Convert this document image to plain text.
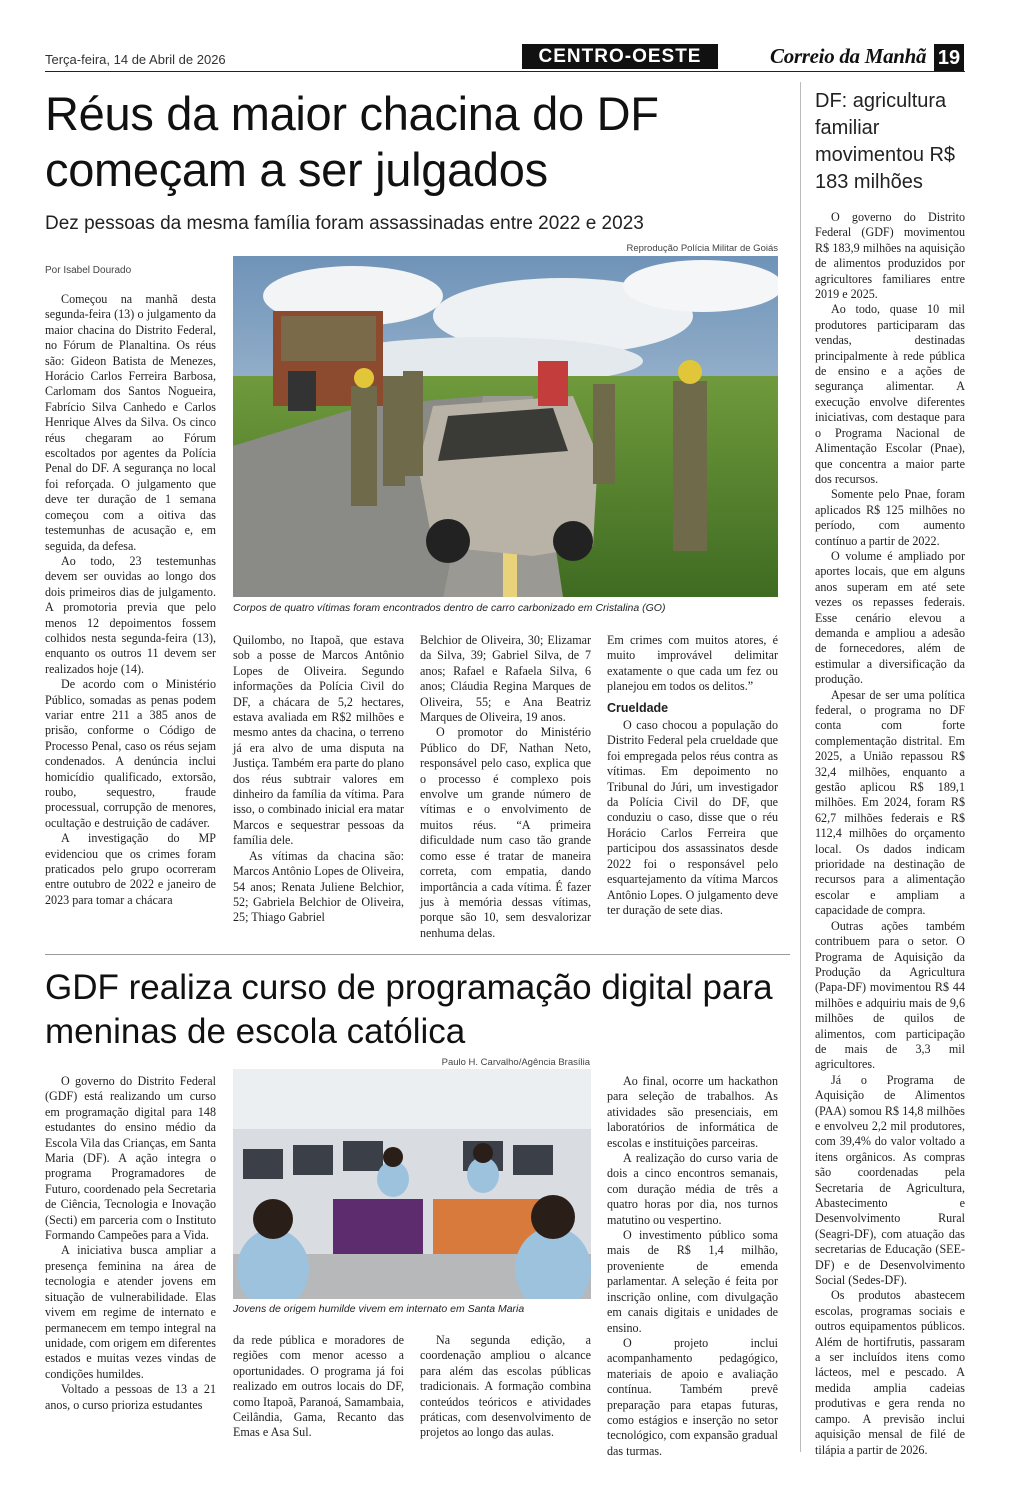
Terça-feira, 14 de Abril de 2026	CENTRO-OESTE	Correio da Manhã 19
Réus da maior chacina do DF começam a ser julgados
Dez pessoas da mesma família foram assassinadas entre 2022 e 2023
Reprodução Polícia Militar de Goiás
Por Isabel Dourado
Corpos de quatro vítimas foram encontrados dentro de carro carbonizado em Cristalina (GO)

Começou na manhã desta segunda-feira (13) o julgamento da maior chacina do Distrito Federal, no Fórum de Planaltina. Os réus são: Gideon Batista de Menezes, Horácio Carlos Ferreira Barbosa, Carlomam dos Santos Nogueira, Fabrício Silva Canhedo e Carlos Henrique Alves da Silva. Os cinco réus chegaram ao Fórum escoltados por agentes da Polícia Penal do DF. A segurança no local foi reforçada. O julgamento que deve ter duração de 1 semana começou com a oitiva das testemunhas de acusação e, em seguida, da defesa.

Ao todo, 23 testemunhas devem ser ouvidas ao longo dos dois primeiros dias de julgamento. A promotoria previa que pelo menos 12 depoimentos fossem colhidos nesta segunda-feira (13), enquanto os outros 11 devem ser realizados hoje (14).

De acordo com o Ministério Público, somadas as penas podem variar entre 211 a 385 anos de prisão, conforme o Código de Processo Penal, caso os réus sejam condenados. A denúncia inclui homicídio qualificado, extorsão, roubo, sequestro, fraude processual, corrupção de menores, ocultação e destruição de cadáver.

A investigação do MP evidenciou que os crimes foram praticados pelo grupo ocorreram entre outubro de 2022 e janeiro de 2023 para tomar a chácara

Quilombo, no Itapoã, que estava sob a posse de Marcos Antônio Lopes de Oliveira. Segundo informações da Polícia Civil do DF, a chácara de 5,2 hectares, estava avaliada em R$2 milhões e mesmo antes da chacina, o terreno já era alvo de uma disputa na Justiça. Também era parte do plano dos réus subtrair valores em dinheiro da família da vítima. Para isso, o combinado inicial era matar Marcos e sequestrar pessoas da família dele.

As vítimas da chacina são: Marcos Antônio Lopes de Oliveira, 54 anos; Renata Juliene Belchior, 52; Gabriela Belchior de Oliveira, 25; Thiago Gabriel

Belchior de Oliveira, 30; Elizamar da Silva, 39; Gabriel Silva, de 7 anos; Rafael e Rafaela Silva, 6 anos; Cláudia Regina Marques de Oliveira, 55; e Ana Beatriz Marques de Oliveira, 19 anos.

O promotor do Ministério Público do DF, Nathan Neto, responsável pelo caso, explica que o processo é complexo pois envolve um grande número de vítimas e o envolvimento de muitos réus. “A primeira dificuldade num caso tão grande como esse é tratar de maneira correta, com empatia, dando importância a cada vítima. É fazer jus à memória dessas vítimas, porque são 10, sem desvalorizar nenhuma delas.

Em crimes com muitos atores, é muito improvável delimitar exatamente o que cada um fez ou planejou em todos os delitos.”

Crueldade

O caso chocou a população do Distrito Federal pela crueldade que foi empregada pelos réus contra as vítimas. Em depoimento no Tribunal do Júri, um investigador da Polícia Civil do DF, que conduziu o caso, disse que o réu Horácio Carlos Ferreira que participou dos assassinatos desde 2022 foi o responsável pelo esquartejamento da vítima Marcos Antônio Lopes. O julgamento deve ter duração de sete dias.

DF: agricultura familiar movimentou R$ 183 milhões

O governo do Distrito Federal (GDF) movimentou R$ 183,9 milhões na aquisição de alimentos produzidos por agricultores familiares entre 2019 e 2025.

Ao todo, quase 10 mil produtores participaram das vendas, destinadas principalmente à rede pública de ensino e a ações de segurança alimentar. A execução envolve diferentes iniciativas, com destaque para o Programa Nacional de Alimentação Escolar (Pnae), que concentra a maior parte dos recursos.

Somente pelo Pnae, foram aplicados R$ 125 milhões no período, com aumento contínuo a partir de 2022.

O volume é ampliado por aportes locais, que em alguns anos superam em até sete vezes os repasses federais. Esse cenário elevou a demanda e ampliou a adesão de fornecedores, além de estimular a diversificação da produção.

Apesar de ser uma política federal, o programa no DF conta com forte complementação distrital. Em 2025, a União repassou R$ 32,4 milhões, enquanto a gestão aplicou R$ 189,1 milhões. Em 2024, foram R$ 62,7 milhões federais e R$ 112,4 milhões do orçamento local. Os dados indicam prioridade na destinação de recursos para a alimentação escolar e ampliam a capacidade de compra.

Outras ações também contribuem para o setor. O Programa de Aquisição da Produção da Agricultura (Papa-DF) movimentou R$ 44 milhões e adquiriu mais de 9,6 milhões de quilos de alimentos, com participação de mais de 3,3 mil agricultores.

Já o Programa de Aquisição de Alimentos (PAA) somou R$ 14,8 milhões e envolveu 2,2 mil produtores, com 39,4% do valor voltado a itens orgânicos. As compras são coordenadas pela Secretaria de Agricultura, Abastecimento e Desenvolvimento Rural (Seagri-DF), com atuação das secretarias de Educação (SEE-DF) e de Desenvolvimento Social (Sedes-DF).

Os produtos abastecem escolas, programas sociais e outros equipamentos públicos. Além de hortifrutis, passaram a ser incluídos itens como lácteos, mel e pescado. A medida amplia cadeias produtivas e gera renda no campo. A previsão inclui aquisição mensal de filé de tilápia a partir de 2026.

GDF realiza curso de programação digital para meninas de escola católica
Paulo H. Carvalho/Agência Brasília
Jovens de origem humilde vivem em internato em Santa Maria

O governo do Distrito Federal (GDF) está realizando um curso em programação digital para 148 estudantes do ensino médio da Escola Vila das Crianças, em Santa Maria (DF). A ação integra o programa Programadores de Futuro, coordenado pela Secretaria de Ciência, Tecnologia e Inovação (Secti) em parceria com o Instituto Formando Campeões para a Vida.

A iniciativa busca ampliar a presença feminina na área de tecnologia e atender jovens em situação de vulnerabilidade. Elas vivem em regime de internato e permanecem em tempo integral na unidade, com origem em diferentes estados e muitas vezes vindas de condições humildes.

Voltado a pessoas de 13 a 21 anos, o curso prioriza estudantes

da rede pública e moradores de regiões com menor acesso a oportunidades. O programa já foi realizado em outros locais do DF, como Itapoã, Paranoá, Samambaia, Ceilândia, Gama, Recanto das Emas e Asa Sul.

Na segunda edição, a coordenação ampliou o alcance para além das escolas públicas tradicionais. A formação combina conteúdos teóricos e atividades práticas, com desenvolvimento de projetos ao longo das aulas.

Ao final, ocorre um hackathon para seleção de trabalhos. As atividades são presenciais, em laboratórios de informática de escolas e instituições parceiras.

A realização do curso varia de dois a cinco encontros semanais, com duração média de três a quatro horas por dia, nos turnos matutino ou vespertino.

O investimento público soma mais de R$ 1,4 milhão, proveniente de emenda parlamentar. A seleção é feita por inscrição online, com divulgação em canais digitais e unidades de ensino.

O projeto inclui acompanhamento pedagógico, materiais de apoio e avaliação contínua. Também prevê preparação para etapas futuras, como estágios e inserção no setor tecnológico, com expansão gradual das turmas.
